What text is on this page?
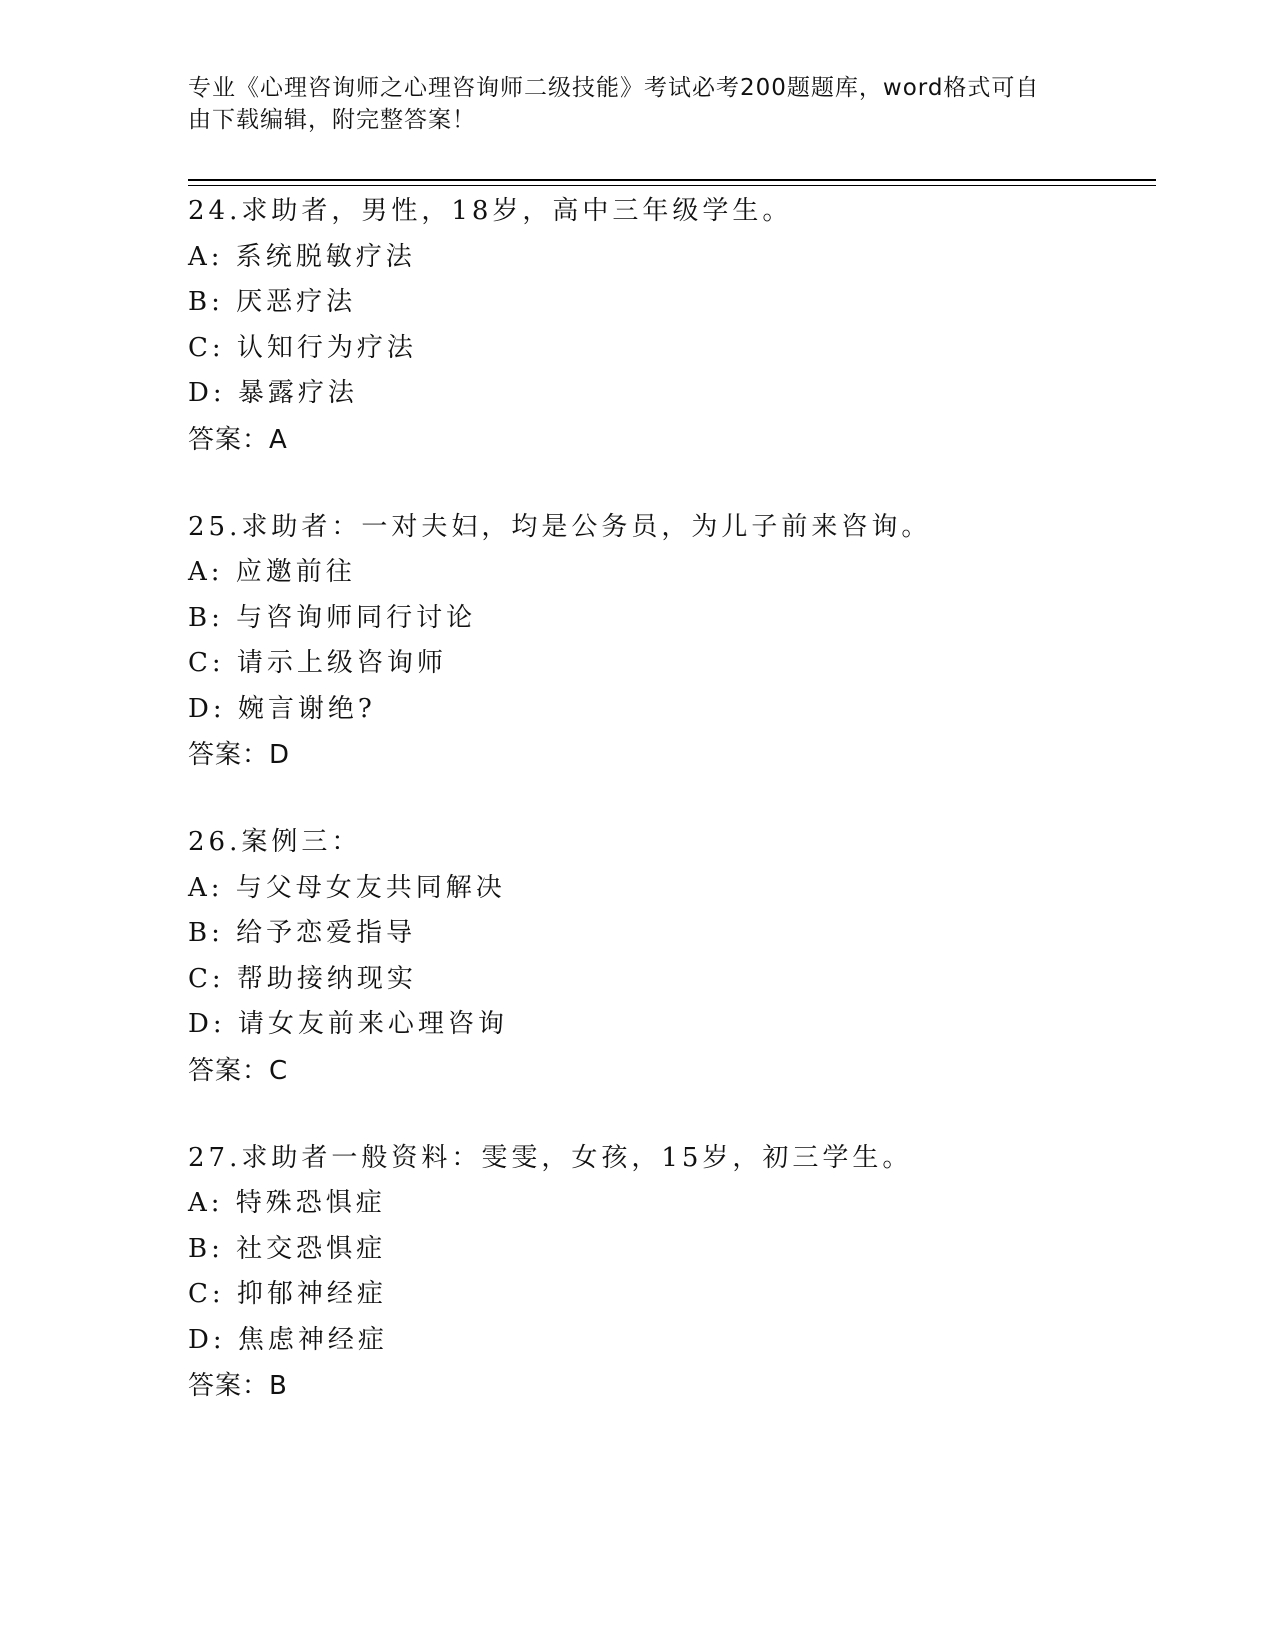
专业《心理咨询师之心理咨询师二级技能》考试必考200题题库，word格式可自
由下载编辑，附完整答案！
24.求助者，男性，18岁，高中三年级学生。
A: 系统脱敏疗法
B: 厌恶疗法
C: 认知行为疗法
D: 暴露疗法
答案：A
25.求助者：一对夫妇，均是公务员，为儿子前来咨询。
A: 应邀前往
B: 与咨询师同行讨论
C: 请示上级咨询师
D: 婉言谢绝?
答案：D
26.案例三：
A: 与父母女友共同解决
B: 给予恋爱指导
C: 帮助接纳现实
D: 请女友前来心理咨询
答案：C
27.求助者一般资料：雯雯，女孩，15岁，初三学生。
A: 特殊恐惧症
B: 社交恐惧症
C: 抑郁神经症
D: 焦虑神经症
答案：B
